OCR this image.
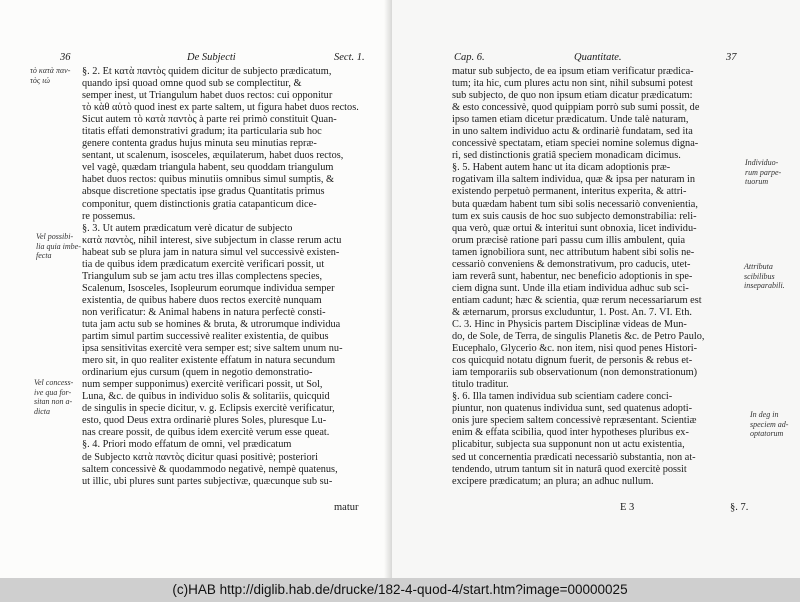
36	De Subjecti	Sect. 1.
τὸ κατὰ παν-
τὸς ιώ
Vel possibi-
lia quia imbe-
fecta
Vel concess-
ive qua for-
sitan non a-
dicta
§. 2. Et κατὰ παντὸς quidem dicitur de subjecto prædicatum,
quando ipsi quoad omne quod sub se complectitur, &
semper inest, ut Triangulum habet duos rectos: cui opponitur
τὸ κὰθ αὑτὸ quod inest ex parte saltem, ut figura habet duos rectos.
Sicut autem τὸ κατὰ παντὸς à parte rei primò constituit Quan-
titatis effati demonstrativi gradum; ita particularia sub hoc
genere contenta gradus hujus minuta seu minutias repræ-
sentant, ut scalenum, isosceles, æquilaterum, habet duos rectos,
vel vagè, quædam triangula habent, seu quoddam triangulum
habet duos rectos: quibus minutiis omnibus simul sumptis, &
absque discretione spectatis ipse gradus Quantitatis primus
componitur, quem distinctionis gratia catapanticum dice-
re possemus.
§. 3. Ut autem prædicatum verè dicatur de subjecto
κατὰ παντὸς, nihil interest, sive subjectum in classe rerum actu
habeat sub se plura jam in natura simul vel successivè existen-
tia de quibus idem prædicatum exercitè verificari possit, ut
Triangulum sub se jam actu tres illas complectens species,
Scalenum, Isosceles, Isopleurum eorumque individua semper
existentia, de quibus habere duos rectos exercitè nunquam
non verificatur: & Animal habens in natura perfectè consti-
tuta jam actu sub se homines & bruta, & utrorumque individua
partim simul partim successivè realiter existentia, de quibus
ipsa sensitivitas exercitè vera semper est; sive saltem unum nu-
mero sit, in quo realiter existente effatum in natura secundum
ordinarium ejus cursum (quem in negotio demonstratio-
num semper supponimus) exercitè verificari possit, ut Sol,
Luna, &c. de quibus in individuo solis & solitariis, quicquid
de singulis in specie dicitur, v. g. Eclipsis exercitè verificatur,
esto, quod Deus extra ordinariè plures Soles, pluresque Lu-
nas creare possit, de quibus idem exercitè verum esse queat.
§. 4. Priori modo effatum de omni, vel prædicatum
de Subjecto κατὰ παντὸς dicitur quasi positivè; posteriori
saltem concessivè & quodammodo negativè, nempè quatenus,
ut illic, ubi plures sunt partes subjectivæ, quæcunque sub su-
matur
Cap. 6.	Quantitate.	37
matur sub subjecto, de ea ipsum etiam verificatur prædica-
tum; ita hic, cum plures actu non sint, nihil subsumi potest
sub subjecto, de quo non ipsum etiam dicatur prædicatum:
& esto concessivè, quod quippiam porrò sub sumi possit, de
ipso tamen etiam dicetur prædicatum. Unde talè naturam,
in uno saltem individuo actu & ordinariè fundatam, sed ita
concessivè spectatam, etiam speciei nomine solemus digna-
ri, sed distinctionis gratiâ speciem monadicam dicimus.
§. 5. Habent autem hanc ut ita dicam adoptionis præ-
rogativam illa saltem individua, quæ & ipsa per naturam in
existendo perpetuò permanent, interitus experita, & attri-
buta quædam habent tum sibi solis necessariò convenientia,
tum ex suis causis de hoc suo subjecto demonstrabilia: reli-
qua verò, quæ ortui & interitui sunt obnoxia, licet individu-
orum præcisè ratione pari passu cum illis ambulent, quia
tamen ignobiliora sunt, nec attributum habent sibi solis ne-
cessariò conveniens & demonstrativum, pro caducis, utet-
iam reverâ sunt, habentur, nec beneficio adoptionis in spe-
ciem digna sunt. Unde illa etiam individua adhuc sub sci-
entiam cadunt; hæc & scientia, quæ rerum necessariarum est
& æternarum, prorsus excluduntur, 1. Post. An. 7. VI. Eth.
C. 3. Hinc in Physicis partem Disciplinæ videas de Mun-
do, de Sole, de Terra, de singulis Planetis &c. de Petro Paulo,
Eucephalo, Glycerio &c. non item, nisi quod penes Histori-
cos quicquid notatu dignum fuerit, de personis & rebus et-
iam temporariis sub observationum (non demonstrationum)
titulo traditur.
§. 6. Illa tamen individua sub scientiam cadere conci-
piuntur, non quatenus individua sunt, sed quatenus adopti-
onis jure speciem saltem concessivè repræsentant. Scientiæ
enim & effata scibilia, quod inter hypotheses pluribus ex-
plicabitur, subjecta sua supponunt non ut actu existentia,
sed ut concernentia prædicati necessariò substantia, non at-
tendendo, utrum tantum sit in naturâ quod exercitè possit
excipere prædicatum; an plura; an adhuc nullum.
Individuo-
rum parpe-
tuorum
Attributa
scibilibus
inseparabili.
In deg in
speciem ad-
optatorum
E 3	§. 7.
(c)HAB http://diglib.hab.de/drucke/182-4-quod-4/start.htm?image=00000025
